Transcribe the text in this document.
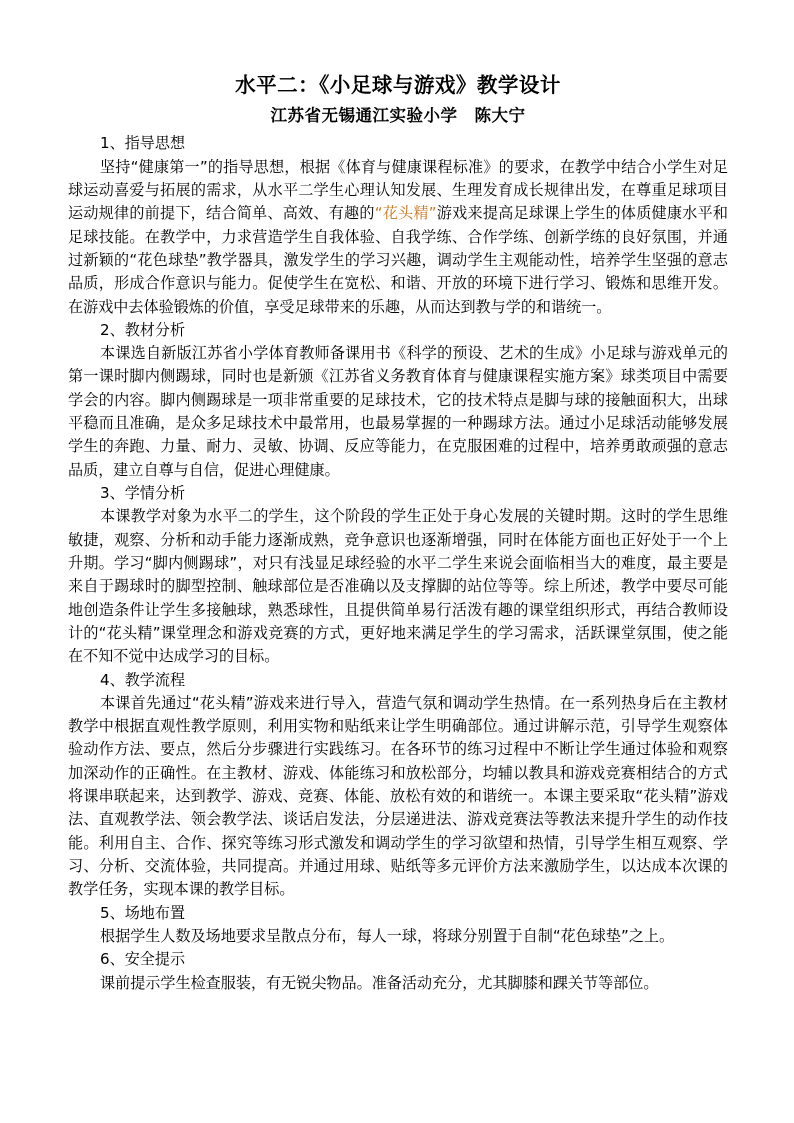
水平二：《小足球与游戏》教学设计
江苏省无锡通江实验小学　陈大宁

1、指导思想

坚持“健康第一”的指导思想，根据《体育与健康课程标准》的要求，在教学中结合小学生对足球运动喜爱与拓展的需求，从水平二学生心理认知发展、生理发育成长规律出发，在尊重足球项目运动规律的前提下，结合简单、高效、有趣的“花头精”游戏来提高足球课上学生的体质健康水平和足球技能。在教学中，力求营造学生自我体验、自我学练、合作学练、创新学练的良好氛围，并通过新颖的“花色球垫”教学器具，激发学生的学习兴趣，调动学生主观能动性，培养学生坚强的意志品质，形成合作意识与能力。促使学生在宽松、和谐、开放的环境下进行学习、锻炼和思维开发。在游戏中去体验锻炼的价值，享受足球带来的乐趣，从而达到教与学的和谐统一。

2、教材分析

本课选自新版江苏省小学体育教师备课用书《科学的预设、艺术的生成》小足球与游戏单元的第一课时脚内侧踢球，同时也是新颁《江苏省义务教育体育与健康课程实施方案》球类项目中需要学会的内容。脚内侧踢球是一项非常重要的足球技术，它的技术特点是脚与球的接触面积大，出球平稳而且准确，是众多足球技术中最常用，也最易掌握的一种踢球方法。通过小足球活动能够发展学生的奔跑、力量、耐力、灵敏、协调、反应等能力，在克服困难的过程中，培养勇敢顽强的意志品质，建立自尊与自信，促进心理健康。

3、学情分析

本课教学对象为水平二的学生，这个阶段的学生正处于身心发展的关键时期。这时的学生思维敏捷，观察、分析和动手能力逐渐成熟，竞争意识也逐渐增强，同时在体能方面也正好处于一个上升期。学习“脚内侧踢球”，对只有浅显足球经验的水平二学生来说会面临相当大的难度，最主要是来自于踢球时的脚型控制、触球部位是否准确以及支撑脚的站位等等。综上所述，教学中要尽可能地创造条件让学生多接触球，熟悉球性，且提供简单易行活泼有趣的课堂组织形式，再结合教师设计的“花头精”课堂理念和游戏竞赛的方式，更好地来满足学生的学习需求，活跃课堂氛围，使之能在不知不觉中达成学习的目标。

4、教学流程

本课首先通过“花头精”游戏来进行导入，营造气氛和调动学生热情。在一系列热身后在主教材教学中根据直观性教学原则，利用实物和贴纸来让学生明确部位。通过讲解示范，引导学生观察体验动作方法、要点，然后分步骤进行实践练习。在各环节的练习过程中不断让学生通过体验和观察加深动作的正确性。在主教材、游戏、体能练习和放松部分，均辅以教具和游戏竞赛相结合的方式将课串联起来，达到教学、游戏、竞赛、体能、放松有效的和谐统一。本课主要采取“花头精”游戏法、直观教学法、领会教学法、谈话启发法，分层递进法、游戏竞赛法等教法来提升学生的动作技能。利用自主、合作、探究等练习形式激发和调动学生的学习欲望和热情，引导学生相互观察、学习、分析、交流体验，共同提高。并通过用球、贴纸等多元评价方法来激励学生，以达成本次课的教学任务，实现本课的教学目标。

5、场地布置

根据学生人数及场地要求呈散点分布，每人一球，将球分别置于自制“花色球垫”之上。

6、安全提示

课前提示学生检查服装，有无锐尖物品。准备活动充分，尤其脚膝和踝关节等部位。
